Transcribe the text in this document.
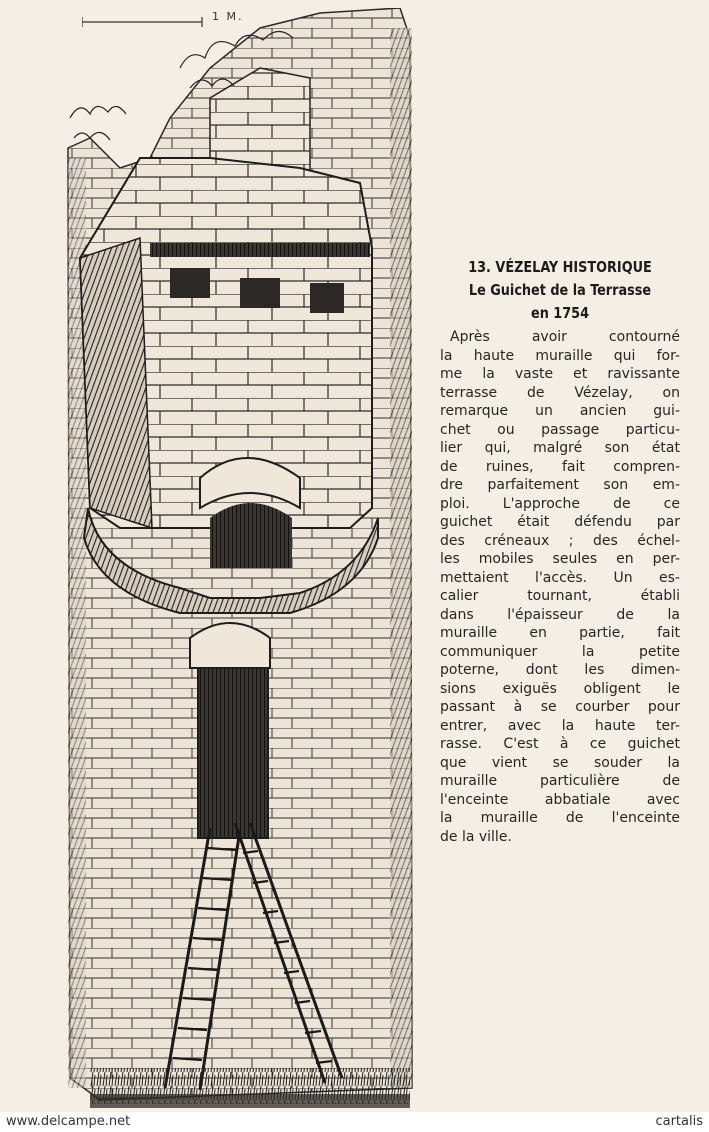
1 M.

13. VÉZELAY HISTORIQUE

Le Guichet de la Terrasse

en 1754

Après avoir contourné
la haute muraille qui for-
me la vaste et ravissante
terrasse de Vézelay, on
remarque un ancien gui-
chet ou passage particu-
lier qui, malgré son état
de ruines, fait compren-
dre parfaitement son em-
ploi. L'approche de ce
guichet était défendu par
des créneaux ; des échel-
les mobiles seules en per-
mettaient l'accès. Un es-
calier tournant, établi
dans l'épaisseur de la
muraille en partie, fait
communiquer la petite
poterne, dont les dimen-
sions exiguës obligent le
passant à se courber pour
entrer, avec la haute ter-
rasse. C'est à ce guichet
que vient se souder la
muraille particulière de
l'enceinte abbatiale avec
la muraille de l'enceinte
de la ville.
www.delcampe.net	cartalis
